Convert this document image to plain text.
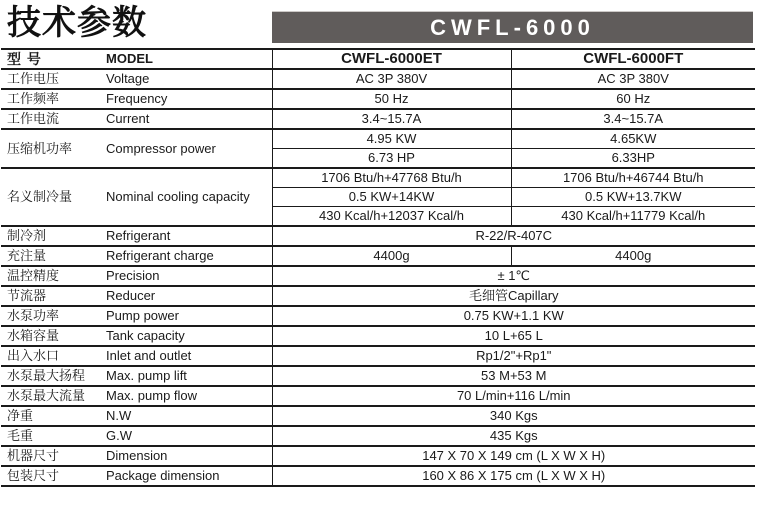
技术参数	CWFL-6000
型 号	MODEL	CWFL-6000ET	CWFL-6000FT
工作电压	Voltage	AC 3P 380V	AC 3P 380V
工作频率	Frequency	50 Hz	60 Hz
工作电流	Current	3.4~15.7A	3.4~15.7A
压缩机功率	Compressor power	4.95 KW	4.65KW
		6.73 HP	6.33HP
名义制冷量	Nominal cooling capacity	1706 Btu/h+47768 Btu/h	1706 Btu/h+46744 Btu/h
		0.5 KW+14KW	0.5 KW+13.7KW
		430 Kcal/h+12037 Kcal/h	430 Kcal/h+11779 Kcal/h
制冷剂	Refrigerant	R-22/R-407C	
充注量	Refrigerant charge	4400g	4400g
温控精度	Precision	± 1℃	
节流器	Reducer	毛细管Capillary	
水泵功率	Pump power	0.75 KW+1.1 KW	
水箱容量	Tank capacity	10 L+65 L	
出入水口	Inlet and outlet	Rp1/2"+Rp1"	
水泵最大扬程	Max. pump lift	53 M+53 M	
水泵最大流量	Max. pump flow	70 L/min+116 L/min	
净重	N.W	340 Kgs	
毛重	G.W	435 Kgs	
机器尺寸	Dimension	147 X 70 X 149 cm (L X W X H)	
包装尺寸	Package dimension	160 X 86 X 175 cm (L X W X H)	
